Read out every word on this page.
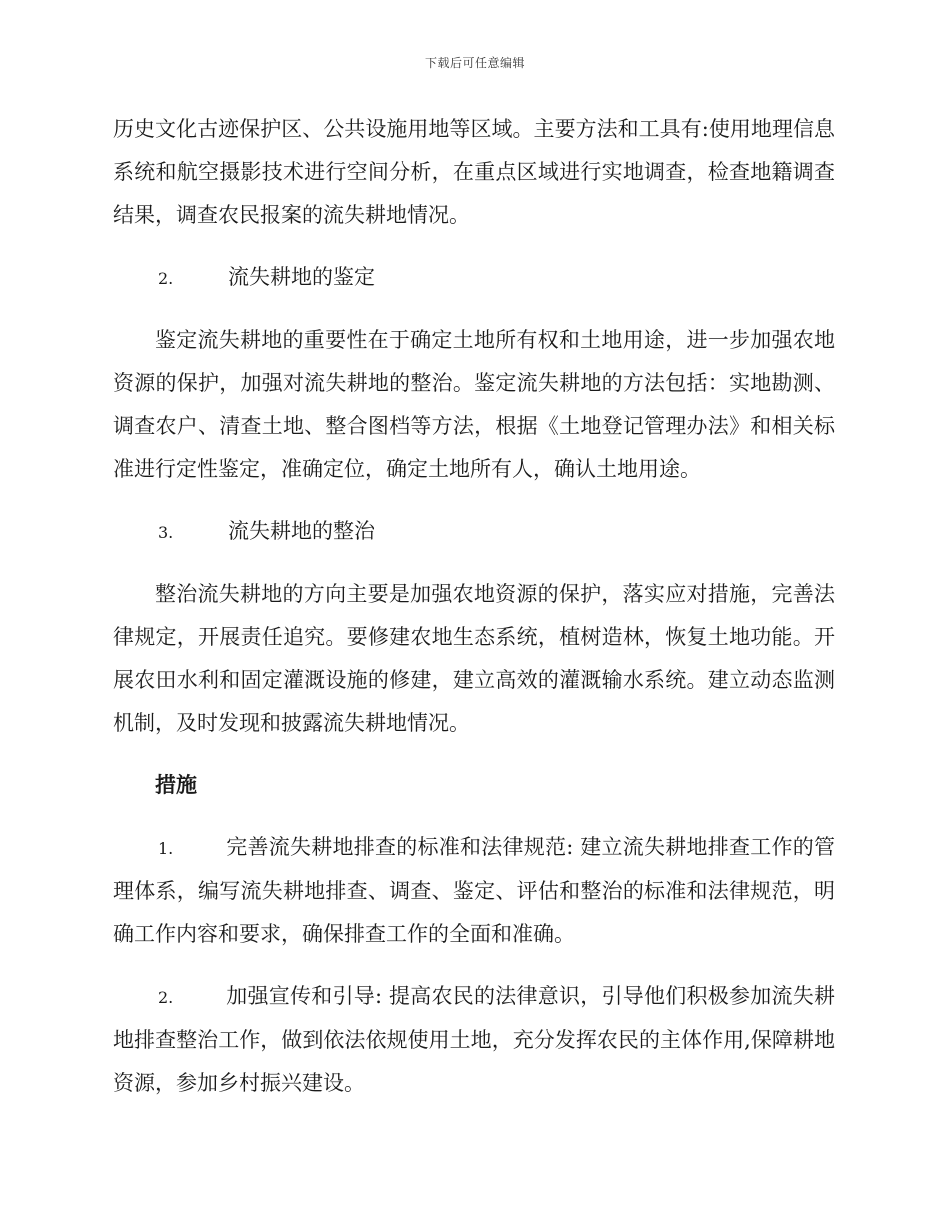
下载后可任意编辑

历史文化古迹保护区、公共设施用地等区域。主要方法和工具有:使用地理信息系统和航空摄影技术进行空间分析，在重点区域进行实地调查，检查地籍调查结果，调查农民报案的流失耕地情况。

2.	流失耕地的鉴定

鉴定流失耕地的重要性在于确定土地所有权和土地用途，进一步加强农地资源的保护，加强对流失耕地的整治。鉴定流失耕地的方法包括：实地勘测、调查农户、清查土地、整合图档等方法，根据《土地登记管理办法》和相关标准进行定性鉴定，准确定位，确定土地所有人，确认土地用途。

3.	流失耕地的整治

整治流失耕地的方向主要是加强农地资源的保护，落实应对措施，完善法律规定，开展责任追究。要修建农地生态系统，植树造林，恢复土地功能。开展农田水利和固定灌溉设施的修建，建立高效的灌溉输水系统。建立动态监测机制，及时发现和披露流失耕地情况。

措施

1.	完善流失耕地排查的标准和法律规范: 建立流失耕地排查工作的管理体系，编写流失耕地排查、调查、鉴定、评估和整治的标准和法律规范，明确工作内容和要求，确保排查工作的全面和准确。

2.	加强宣传和引导: 提高农民的法律意识，引导他们积极参加流失耕地排查整治工作，做到依法依规使用土地，充分发挥农民的主体作用,保障耕地资源，参加乡村振兴建设。
